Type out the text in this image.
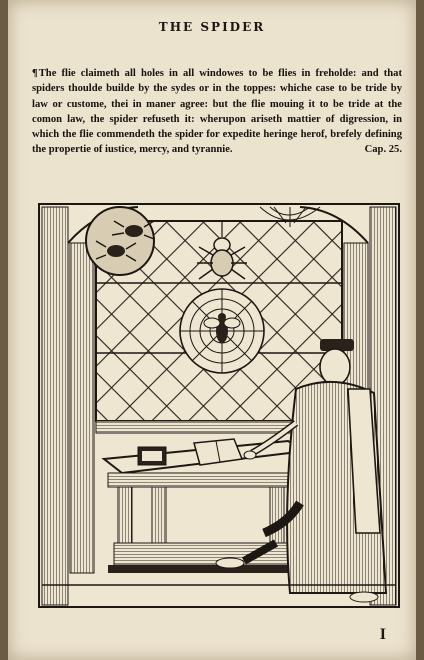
THE SPIDER
¶The flie claimeth all holes in all windowes to be flies in freholde: and that spiders thoulde builde by the sydes or in the toppes: whiche case to be tride by law or custome, thei in maner agree: but the flie mouing it to be tride at the comon law, the spider refuseth it: wherupon ariseth mattier of digression, in which the flie commendeth the spider for expedite heringe herof, brefely defining the propertie of iustice, mercy, and tyrannie.	Cap. 25.
I
